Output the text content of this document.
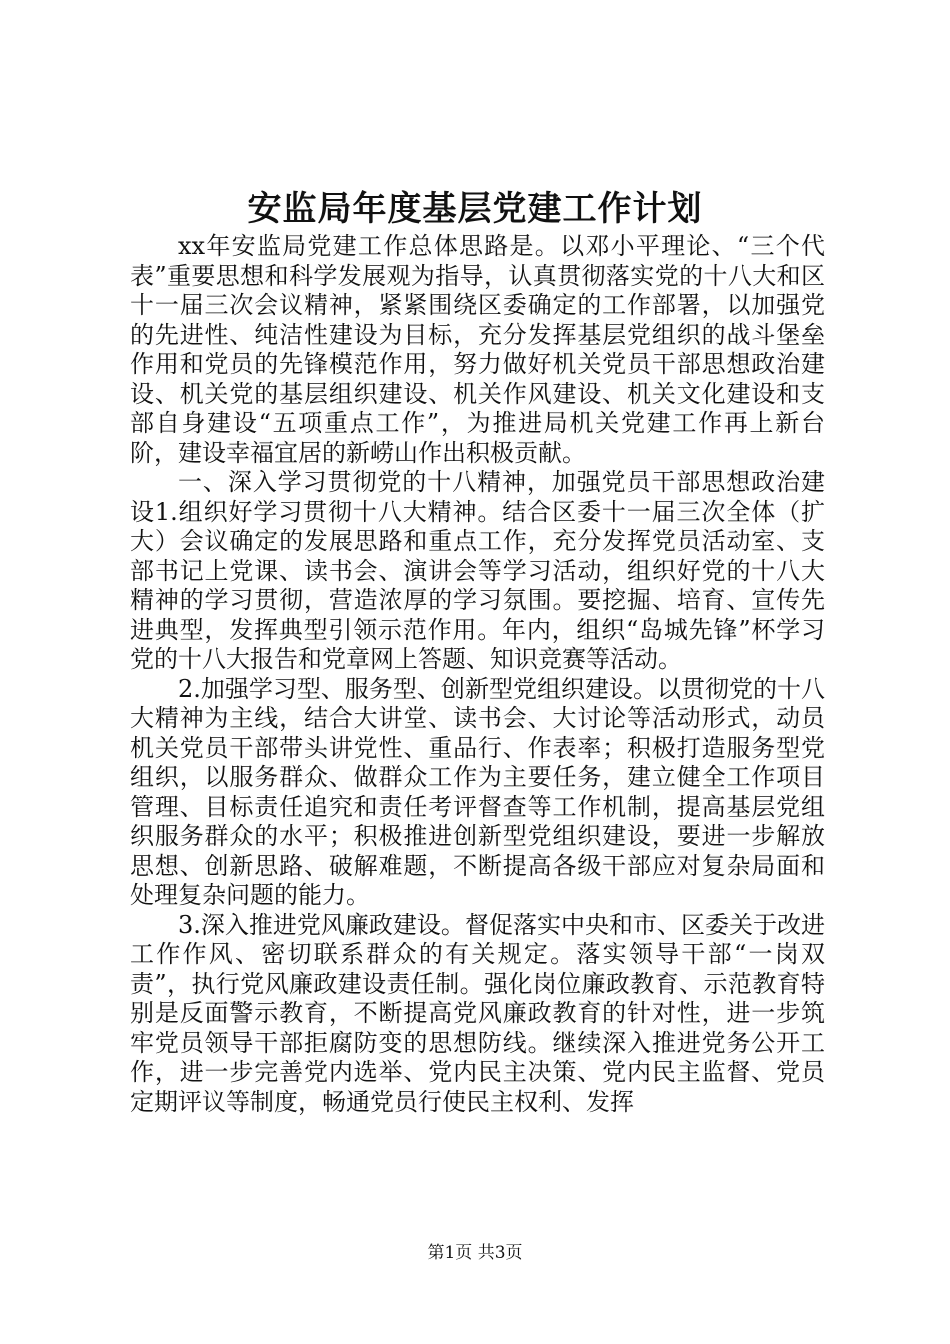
安监局年度基层党建工作计划

xx年安监局党建工作总体思路是。以邓小平理论、“三个代表”重要思想和科学发展观为指导，认真贯彻落实党的十八大和区十一届三次会议精神，紧紧围绕区委确定的工作部署，以加强党的先进性、纯洁性建设为目标，充分发挥基层党组织的战斗堡垒作用和党员的先锋模范作用，努力做好机关党员干部思想政治建设、机关党的基层组织建设、机关作风建设、机关文化建设和支部自身建设“五项重点工作”，为推进局机关党建工作再上新台阶，建设幸福宜居的新崂山作出积极贡献。

一、深入学习贯彻党的十八精神，加强党员干部思想政治建设1.组织好学习贯彻十八大精神。结合区委十一届三次全体（扩大）会议确定的发展思路和重点工作，充分发挥党员活动室、支部书记上党课、读书会、演讲会等学习活动，组织好党的十八大精神的学习贯彻，营造浓厚的学习氛围。要挖掘、培育、宣传先进典型，发挥典型引领示范作用。年内，组织“岛城先锋”杯学习党的十八大报告和党章网上答题、知识竞赛等活动。

2.加强学习型、服务型、创新型党组织建设。以贯彻党的十八大精神为主线，结合大讲堂、读书会、大讨论等活动形式，动员机关党员干部带头讲党性、重品行、作表率；积极打造服务型党组织，以服务群众、做群众工作为主要任务，建立健全工作项目管理、目标责任追究和责任考评督查等工作机制，提高基层党组织服务群众的水平；积极推进创新型党组织建设，要进一步解放思想、创新思路、破解难题，不断提高各级干部应对复杂局面和处理复杂问题的能力。

3.深入推进党风廉政建设。督促落实中央和市、区委关于改进工作作风、密切联系群众的有关规定。落实领导干部“一岗双责”，执行党风廉政建设责任制。强化岗位廉政教育、示范教育特别是反面警示教育，不断提高党风廉政教育的针对性，进一步筑牢党员领导干部拒腐防变的思想防线。继续深入推进党务公开工作，进一步完善党内选举、党内民主决策、党内民主监督、党员定期评议等制度，畅通党员行使民主权利、发挥

第1页 共3页
